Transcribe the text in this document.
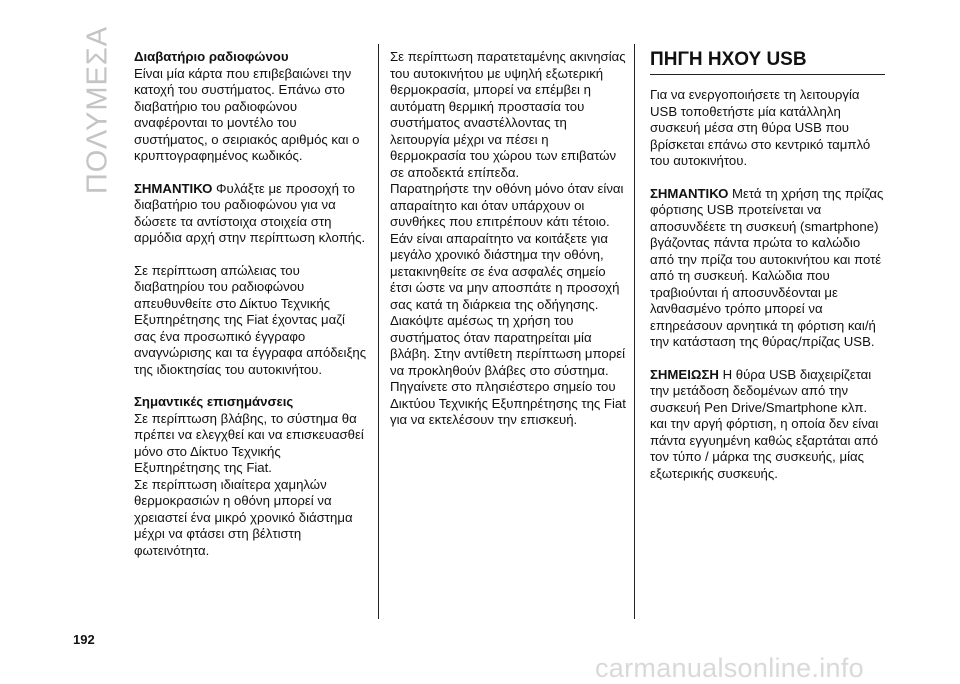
ΠΟΛΥΜΕΣΑ Διαβατήριο ραδιοφώνου

Είναι μία κάρτα που επιβεβαιώνει την κατοχή του συστήματος. Επάνω στο διαβατήριο του ραδιοφώνου αναφέρονται το μοντέλο του συστήματος, ο σειριακός αριθμός και ο κρυπτογραφημένος κωδικός.

ΣΗΜΑΝΤΙΚΟ Φυλάξτε με προσοχή το διαβατήριο του ραδιοφώνου για να δώσετε τα αντίστοιχα στοιχεία στη αρμόδια αρχή στην περίπτωση κλοπής.

Σε περίπτωση απώλειας του διαβατηρίου του ραδιοφώνου απευθυνθείτε στο Δίκτυο Τεχνικής Εξυπηρέτησης της Fiat έχοντας μαζί σας ένα προσωπικό έγγραφο αναγνώρισης και τα έγγραφα απόδειξης της ιδιοκτησίας του αυτοκινήτου.

Σημαντικές επισημάνσεις

Σε περίπτωση βλάβης, το σύστημα θα πρέπει να ελεγχθεί και να επισκευασθεί μόνο στο Δίκτυο Τεχνικής Εξυπηρέτησης της Fiat.

Σε περίπτωση ιδιαίτερα χαμηλών θερμοκρασιών η οθόνη μπορεί να χρειαστεί ένα μικρό χρονικό διάστημα μέχρι να φτάσει στη βέλτιστη φωτεινότητα.

Σε περίπτωση παρατεταμένης ακινησίας του αυτοκινήτου με υψηλή εξωτερική θερμοκρασία, μπορεί να επέμβει η αυτόματη θερμική προστασία του συστήματος αναστέλλοντας τη λειτουργία μέχρι να πέσει η θερμοκρασία του χώρου των επιβατών σε αποδεκτά επίπεδα.

Παρατηρήστε την οθόνη μόνο όταν είναι απαραίτητο και όταν υπάρχουν οι συνθήκες που επιτρέπουν κάτι τέτοιο. Εάν είναι απαραίτητο να κοιτάξετε για μεγάλο χρονικό διάστημα την οθόνη, μετακινηθείτε σε ένα ασφαλές σημείο έτσι ώστε να μην αποσπάτε η προσοχή σας κατά τη διάρκεια της οδήγησης.

Διακόψτε αμέσως τη χρήση του συστήματος όταν παρατηρείται μία βλάβη. Στην αντίθετη περίπτωση μπορεί να προκληθούν βλάβες στο σύστημα. Πηγαίνετε στο πλησιέστερο σημείο του Δικτύου Τεχνικής Εξυπηρέτησης της Fiat για να εκτελέσουν την επισκευή.

ΠΗΓΗ ΗΧΟΥ USB

Για να ενεργοποιήσετε τη λειτουργία USB τοποθετήστε μία κατάλληλη συσκευή μέσα στη θύρα USB που βρίσκεται επάνω στο κεντρικό ταμπλό του αυτοκινήτου.

ΣΗΜΑΝΤΙΚΟ Μετά τη χρήση της πρίζας φόρτισης USB προτείνεται να αποσυνδέετε τη συσκευή (smartphone) βγάζοντας πάντα πρώτα το καλώδιο από την πρίζα του αυτοκινήτου και ποτέ από τη συσκευή. Καλώδια που τραβιούνται ή αποσυνδέονται με λανθασμένο τρόπο μπορεί να επηρεάσουν αρνητικά τη φόρτιση και/ή την κατάσταση της θύρας/πρίζας USB.

ΣΗΜΕΙΩΣΗ Η θύρα USB διαχειρίζεται την μετάδοση δεδομένων από την συσκευή Pen Drive/Smartphone κλπ. και την αργή φόρτιση, η οποία δεν είναι πάντα εγγυημένη καθώς εξαρτάται από τον τύπο / μάρκα της συσκευής, μίας εξωτερικής συσκευής.

192
carmanualsonline.info
